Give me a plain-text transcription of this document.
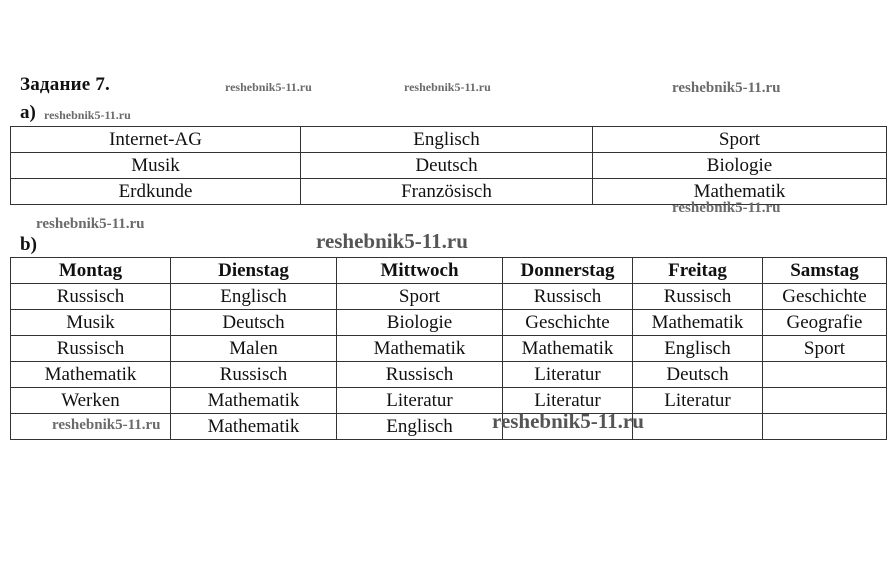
Задание 7.	reshebnik5-11.ru	reshebnik5-11.ru	reshebnik5-11.ru
a) reshebnik5-11.ru
Internet-AG	Englisch	Sport
Musik	Deutsch	Biologie
Erdkunde	Französisch	Mathematik
reshebnik5-11.ru
reshebnik5-11.ru
b)	reshebnik5-11.ru
Montag	Dienstag	Mittwoch	Donnerstag	Freitag	Samstag
Russisch	Englisch	Sport	Russisch	Russisch	Geschichte
Musik	Deutsch	Biologie	Geschichte	Mathematik	Geografie
Russisch	Malen	Mathematik	Mathematik	Englisch	Sport
Mathematik	Russisch	Russisch	Literatur	Deutsch	
Werken	Mathematik	Literatur	Literatur	Literatur	
	Mathematik	Englisch			
reshebnik5-11.ru	reshebnik5-11.ru
